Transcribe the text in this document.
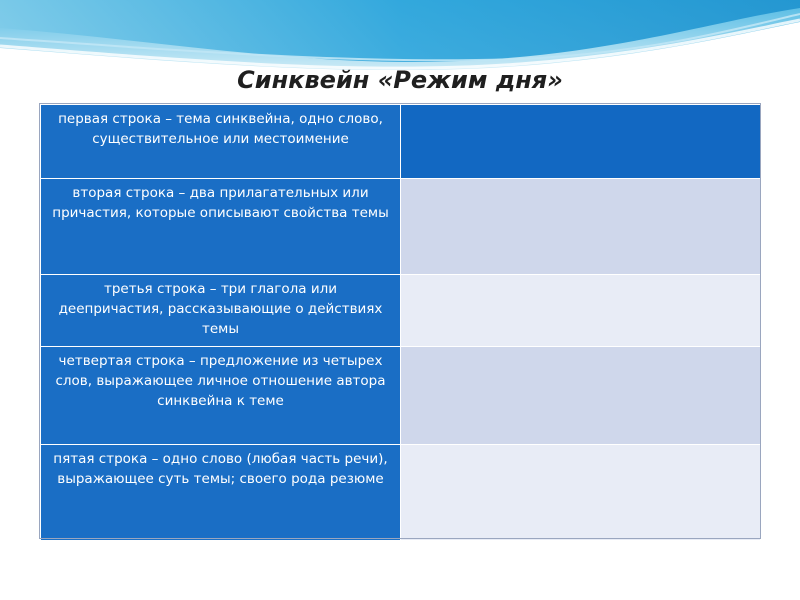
Синквейн «Режим дня»
первая строка – тема синквейна, одно слово, существительное или местоимение	
вторая строка – два прилагательных или причастия, которые описывают свойства темы	
третья строка – три глагола или деепричастия, рассказывающие о действиях темы	
четвертая строка – предложение из четырех слов, выражающее личное отношение автора синквейна к теме	
пятая строка – одно слово (любая часть речи), выражающее суть темы; своего рода резюме	
